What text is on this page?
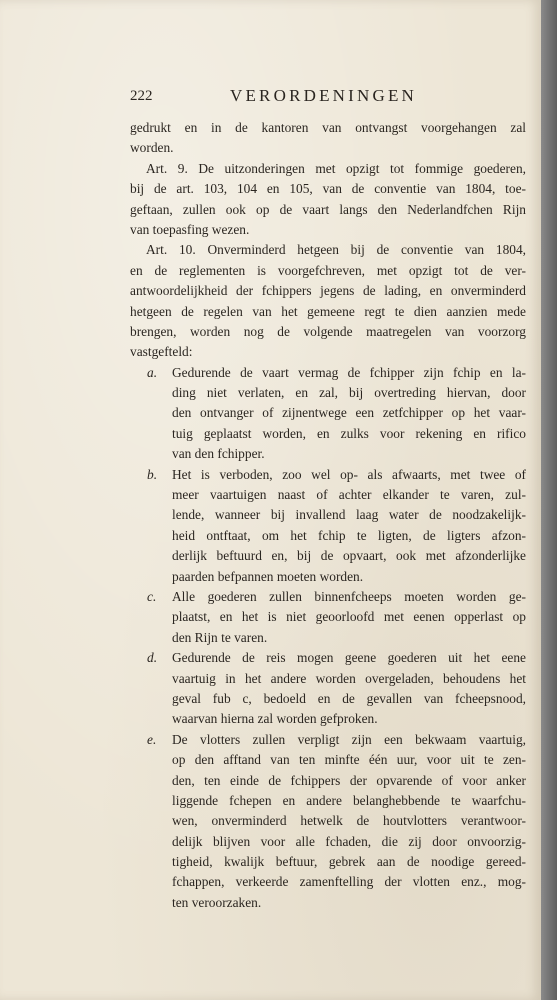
222	VERORDENINGEN
gedrukt en in de kantoren van ontvangst voorgehangen zal
worden.
Art. 9. De uitzonderingen met opzigt tot fommige goederen,
bij de art. 103, 104 en 105, van de conventie van 1804, toe-
geftaan, zullen ook op de vaart langs den Nederlandfchen Rijn
van toepasfing wezen.
Art. 10. Onverminderd hetgeen bij de conventie van 1804,
en de reglementen is voorgefchreven, met opzigt tot de ver-
antwoordelijkheid der fchippers jegens de lading, en onverminderd
hetgeen de regelen van het gemeene regt te dien aanzien mede
brengen, worden nog de volgende maatregelen van voorzorg
vastgefteld:
a. Gedurende de vaart vermag de fchipper zijn fchip en la-
ding niet verlaten, en zal, bij overtreding hiervan, door
den ontvanger of zijnentwege een zetfchipper op het vaar-
tuig geplaatst worden, en zulks voor rekening en rifico
van den fchipper.
b. Het is verboden, zoo wel op- als afwaarts, met twee of
meer vaartuigen naast of achter elkander te varen, zul-
lende, wanneer bij invallend laag water de noodzakelijk-
heid ontftaat, om het fchip te ligten, de ligters afzon-
derlijk beftuurd en, bij de opvaart, ook met afzonderlijke
paarden befpannen moeten worden.
c. Alle goederen zullen binnenfcheeps moeten worden ge-
plaatst, en het is niet geoorloofd met eenen opperlast op
den Rijn te varen.
d. Gedurende de reis mogen geene goederen uit het eene
vaartuig in het andere worden overgeladen, behoudens het
geval fub c, bedoeld en de gevallen van fcheepsnood,
waarvan hierna zal worden gefproken.
e. De vlotters zullen verpligt zijn een bekwaam vaartuig,
op den afftand van ten minfte één uur, voor uit te zen-
den, ten einde de fchippers der opvarende of voor anker
liggende fchepen en andere belanghebbende te waarfchu-
wen, onverminderd hetwelk de houtvlotters verantwoor-
delijk blijven voor alle fchaden, die zij door onvoorzig-
tigheid, kwalijk beftuur, gebrek aan de noodige gereed-
fchappen, verkeerde zamenftelling der vlotten enz., mog-
ten veroorzaken.
